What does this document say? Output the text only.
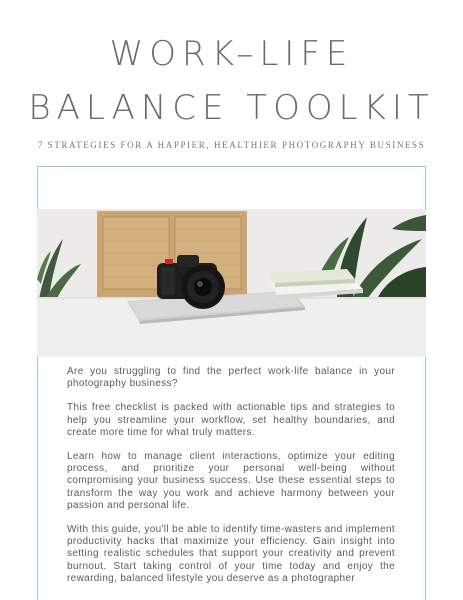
WORK–LIFE
BALANCE TOOLKIT
7 STRATEGIES FOR A HAPPIER, HEALTHIER PHOTOGRAPHY BUSINESS

Are you struggling to find the perfect work-life balance in your photography business?

This free checklist is packed with actionable tips and strategies to help you streamline your workflow, set healthy boundaries, and create more time for what truly matters.

Learn how to manage client interactions, optimize your editing process, and prioritize your personal well-being without compromising your business success. Use these essential steps to transform the way you work and achieve harmony between your passion and personal life.

With this guide, you'll be able to identify time-wasters and implement productivity hacks that maximize your efficiency. Gain insight into setting realistic schedules that support your creativity and prevent burnout. Start taking control of your time today and enjoy the rewarding, balanced lifestyle you deserve as a photographer
